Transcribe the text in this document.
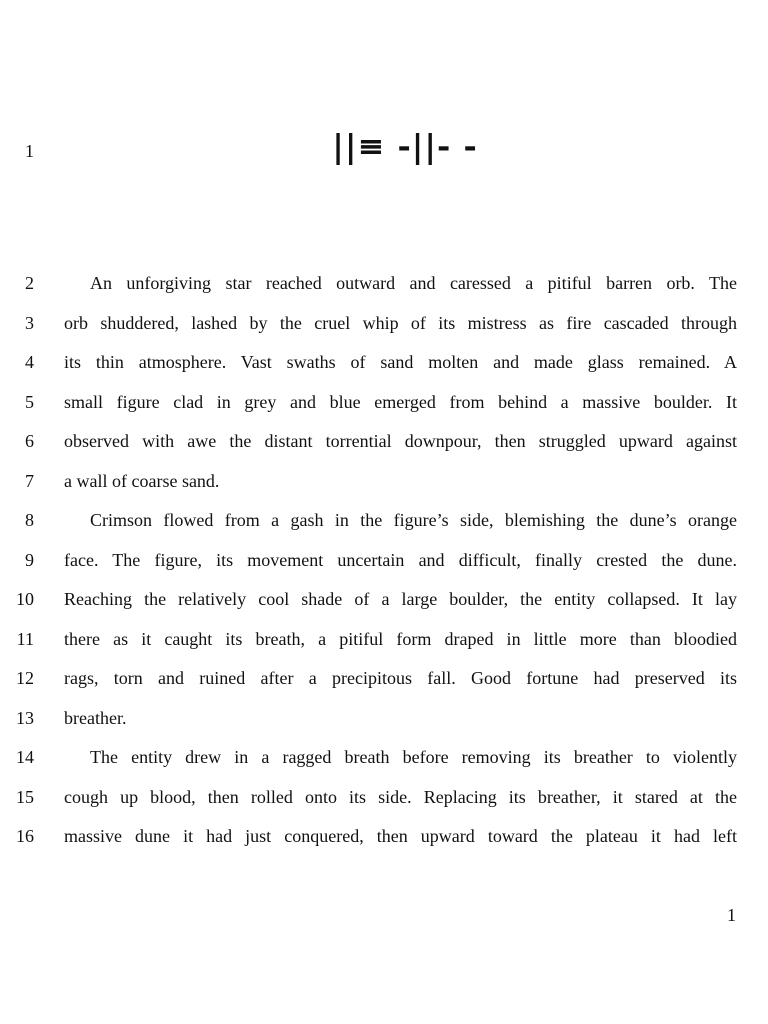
1
2
3
4
5
6
7
8
9
10
11
12
13
14
15
16
||≡ -||- -
An unforgiving star reached outward and caressed a pitiful barren orb. The
orb shuddered, lashed by the cruel whip of its mistress as fire cascaded through
its thin atmosphere. Vast swaths of sand molten and made glass remained. A
small figure clad in grey and blue emerged from behind a massive boulder. It
observed with awe the distant torrential downpour, then struggled upward against
a wall of coarse sand.
Crimson flowed from a gash in the figure’s side, blemishing the dune’s orange
face. The figure, its movement uncertain and difficult, finally crested the dune.
Reaching the relatively cool shade of a large boulder, the entity collapsed. It lay
there as it caught its breath, a pitiful form draped in little more than bloodied
rags, torn and ruined after a precipitous fall. Good fortune had preserved its
breather.
The entity drew in a ragged breath before removing its breather to violently
cough up blood, then rolled onto its side. Replacing its breather, it stared at the
massive dune it had just conquered, then upward toward the plateau it had left
1
